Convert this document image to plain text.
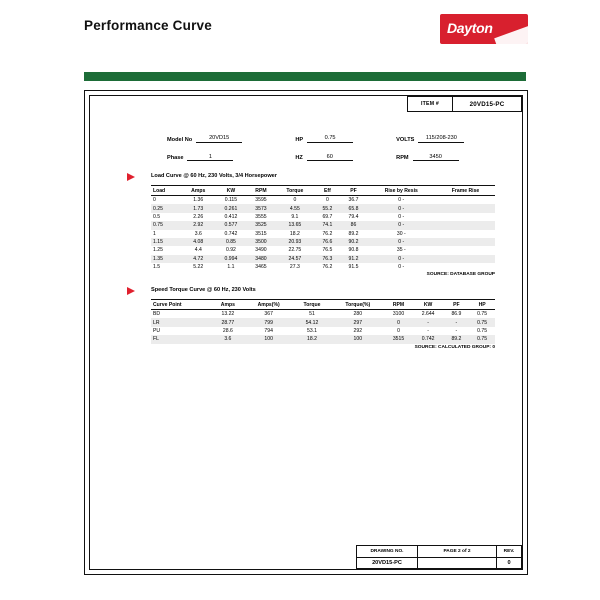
Performance Curve	Dayton
ITEM #	20VD15-PC
Model No	20VD15	HP	0.75	VOLTS	115/208-230
Phase	1	HZ	60	RPM	3450
Load Curve @ 60 Hz, 230 Volts, 3/4 Horsepower
Load	Amps	KW	RPM	Torque	Eff	PF	Rise by Resis	Frame Rise
0	1.36	0.115	3595	0	0	36.7	0 -	
0.25	1.73	0.261	3573	4.55	55.2	65.8	0 -	
0.5	2.26	0.412	3555	9.1	69.7	79.4	0 -	
0.75	2.92	0.577	3525	13.65	74.1	86	0 -	
1	3.6	0.742	3515	18.2	76.2	89.2	30 -	
1.15	4.08	0.85	3500	20.93	76.6	90.2	0 -	
1.25	4.4	0.92	3490	22.75	76.5	90.8	35 -	
1.35	4.72	0.994	3480	24.57	76.3	91.2	0 -	
1.5	5.22	1.1	3465	27.3	76.2	91.5	0 -	
SOURCE: DATABASE GROUP
Speed Torque Curve @ 60 Hz, 230 Volts
Curve Point	Amps	Amps(%)	Torque	Torque(%)	RPM	KW	PF	HP
BD	13.22	367	51	280	3100	2.644	86.9	0.75
LR	28.77	799	54.12	297	0	-	-	0.75
PU	28.6	794	53.1	292	0	-	-	0.75
FL	3.6	100	18.2	100	3515	0.742	89.2	0.75
SOURCE: CALCULATED GROUP: 0
DRAWING NO.
20VD15-PC
PAGE 2 of 2	REV.
0
